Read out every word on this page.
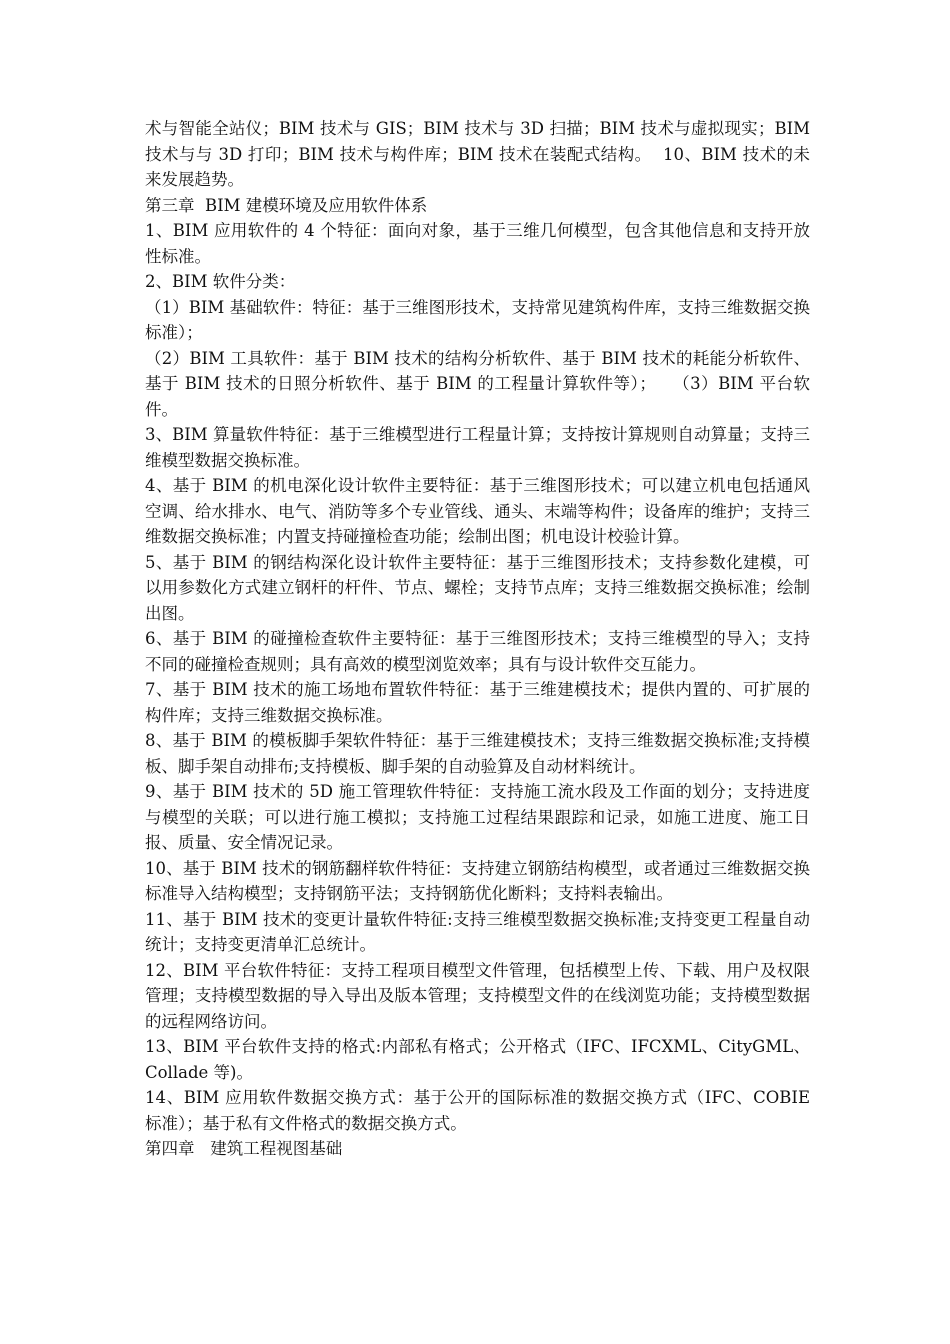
术与智能全站仪；BIM 技术与 GIS；BIM 技术与 3D 扫描；BIM 技术与虚拟现实；BIM 技术与与 3D 打印；BIM 技术与构件库；BIM 技术在装配式结构。  10、BIM 技术的未来发展趋势。

第三章  BIM 建模环境及应用软件体系

1、BIM 应用软件的 4 个特征：面向对象，基于三维几何模型，包含其他信息和支持开放性标准。

2、BIM 软件分类：

（1）BIM 基础软件：特征：基于三维图形技术，支持常见建筑构件库，支持三维数据交换标准）；

（2）BIM 工具软件：基于 BIM 技术的结构分析软件、基于 BIM 技术的耗能分析软件、基于 BIM 技术的日照分析软件、基于 BIM 的工程量计算软件等）；   （3）BIM 平台软件。

3、BIM 算量软件特征：基于三维模型进行工程量计算；支持按计算规则自动算量；支持三维模型数据交换标准。

4、基于 BIM 的机电深化设计软件主要特征：基于三维图形技术；可以建立机电包括通风空调、给水排水、电气、消防等多个专业管线、通头、末端等构件；设备库的维护；支持三维数据交换标准；内置支持碰撞检查功能；绘制出图；机电设计校验计算。

5、基于 BIM 的钢结构深化设计软件主要特征：基于三维图形技术；支持参数化建模，可以用参数化方式建立钢杆的杆件、节点、螺栓；支持节点库；支持三维数据交换标准；绘制出图。

6、基于 BIM 的碰撞检查软件主要特征：基于三维图形技术；支持三维模型的导入；支持不同的碰撞检查规则；具有高效的模型浏览效率；具有与设计软件交互能力。

7、基于 BIM 技术的施工场地布置软件特征：基于三维建模技术；提供内置的、可扩展的构件库；支持三维数据交换标准。

8、基于 BIM 的模板脚手架软件特征：基于三维建模技术；支持三维数据交换标准;支持模板、脚手架自动排布;支持模板、脚手架的自动验算及自动材料统计。

9、基于 BIM 技术的 5D 施工管理软件特征：支持施工流水段及工作面的划分；支持进度与模型的关联；可以进行施工模拟；支持施工过程结果跟踪和记录，如施工进度、施工日报、质量、安全情况记录。

10、基于 BIM 技术的钢筋翻样软件特征：支持建立钢筋结构模型，或者通过三维数据交换标准导入结构模型；支持钢筋平法；支持钢筋优化断料；支持料表输出。

11、基于 BIM 技术的变更计量软件特征:支持三维模型数据交换标准;支持变更工程量自动统计；支持变更清单汇总统计。

12、BIM 平台软件特征：支持工程项目模型文件管理，包括模型上传、下载、用户及权限管理；支持模型数据的导入导出及版本管理；支持模型文件的在线浏览功能；支持模型数据的远程网络访问。

13、BIM 平台软件支持的格式:内部私有格式；公开格式（IFC、IFCXML、CityGML、Collade 等)。

14、BIM 应用软件数据交换方式：基于公开的国际标准的数据交换方式（IFC、COBIE 标准）；基于私有文件格式的数据交换方式。

第四章   建筑工程视图基础
